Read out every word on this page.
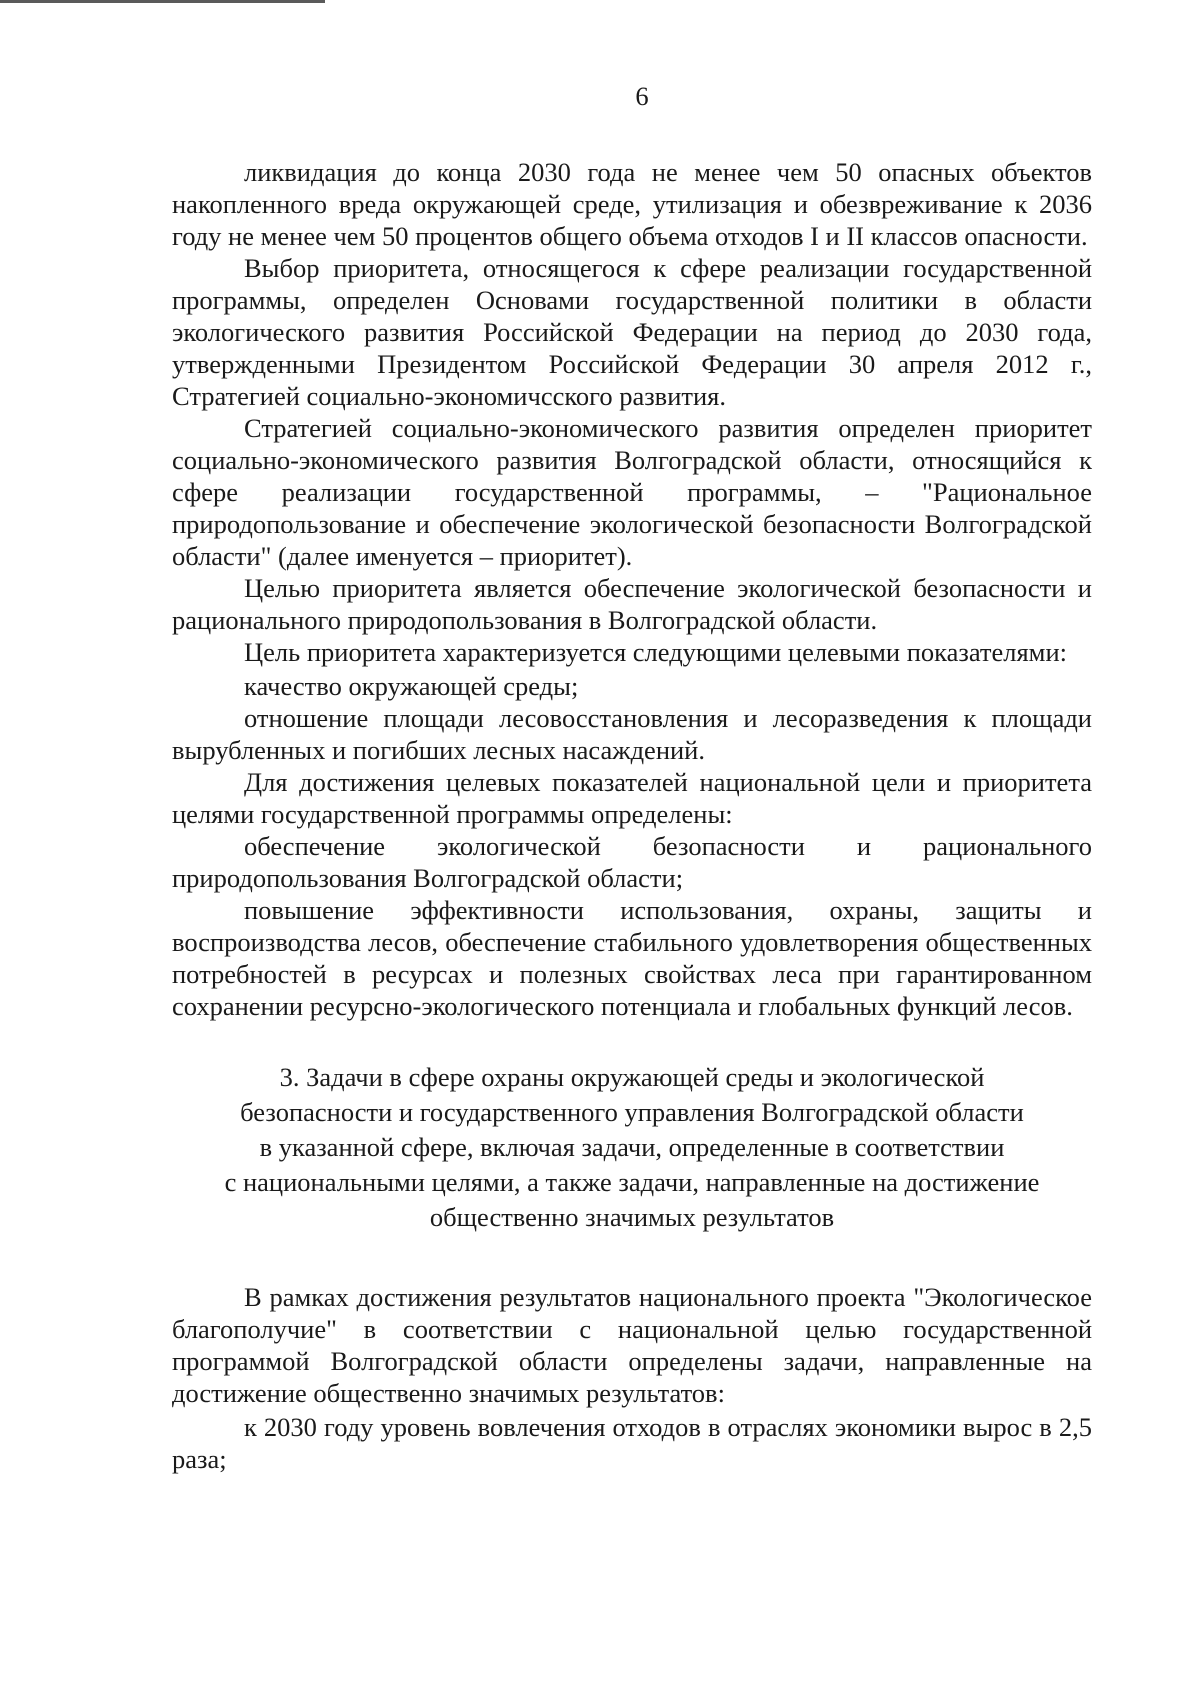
6

ликвидация до конца 2030 года не менее чем 50 опасных объектов накопленного вреда окружающей среде, утилизация и обезвреживание к 2036 году не менее чем 50 процентов общего объема отходов I и II классов опасности.

Выбор приоритета, относящегося к сфере реализации государственной программы, определен Основами государственной политики в области экологического развития Российской Федерации на период до 2030 года, утвержденными Президентом Российской Федерации 30 апреля 2012 г., Стратегией социально-экономичсского развития.

Стратегией социально-экономического развития определен приоритет социально-экономического развития Волгоградской области, относящийся к сфере реализации государственной программы, – "Рациональное природопользование и обеспечение экологической безопасности Волгоградской области" (далее именуется – приоритет).

Целью приоритета является обеспечение экологической безопасности и рационального природопользования в Волгоградской области.

Цель приоритета характеризуется следующими целевыми показателями:

качество окружающей среды;

отношение площади лесовосстановления и лесоразведения к площади вырубленных и погибших лесных насаждений.

Для достижения целевых показателей национальной цели и приоритета целями государственной программы определены:

обеспечение экологической безопасности и рационального природопользования Волгоградской области;

повышение эффективности использования, охраны, защиты и воспроизводства лесов, обеспечение стабильного удовлетворения общественных потребностей в ресурсах и полезных свойствах леса при гарантированном сохранении ресурсно-экологического потенциала и глобальных функций лесов.

3. Задачи в сфере охраны окружающей среды и экологической
безопасности и государственного управления Волгоградской области
в указанной сфере, включая задачи, определенные в соответствии
с национальными целями, а также задачи, направленные на достижение
общественно значимых результатов

В рамках достижения результатов национального проекта "Экологическое благополучие" в соответствии с национальной целью государственной программой Волгоградской области определены задачи, направленные на достижение общественно значимых результатов:

к 2030 году уровень вовлечения отходов в отраслях экономики вырос в 2,5 раза;
